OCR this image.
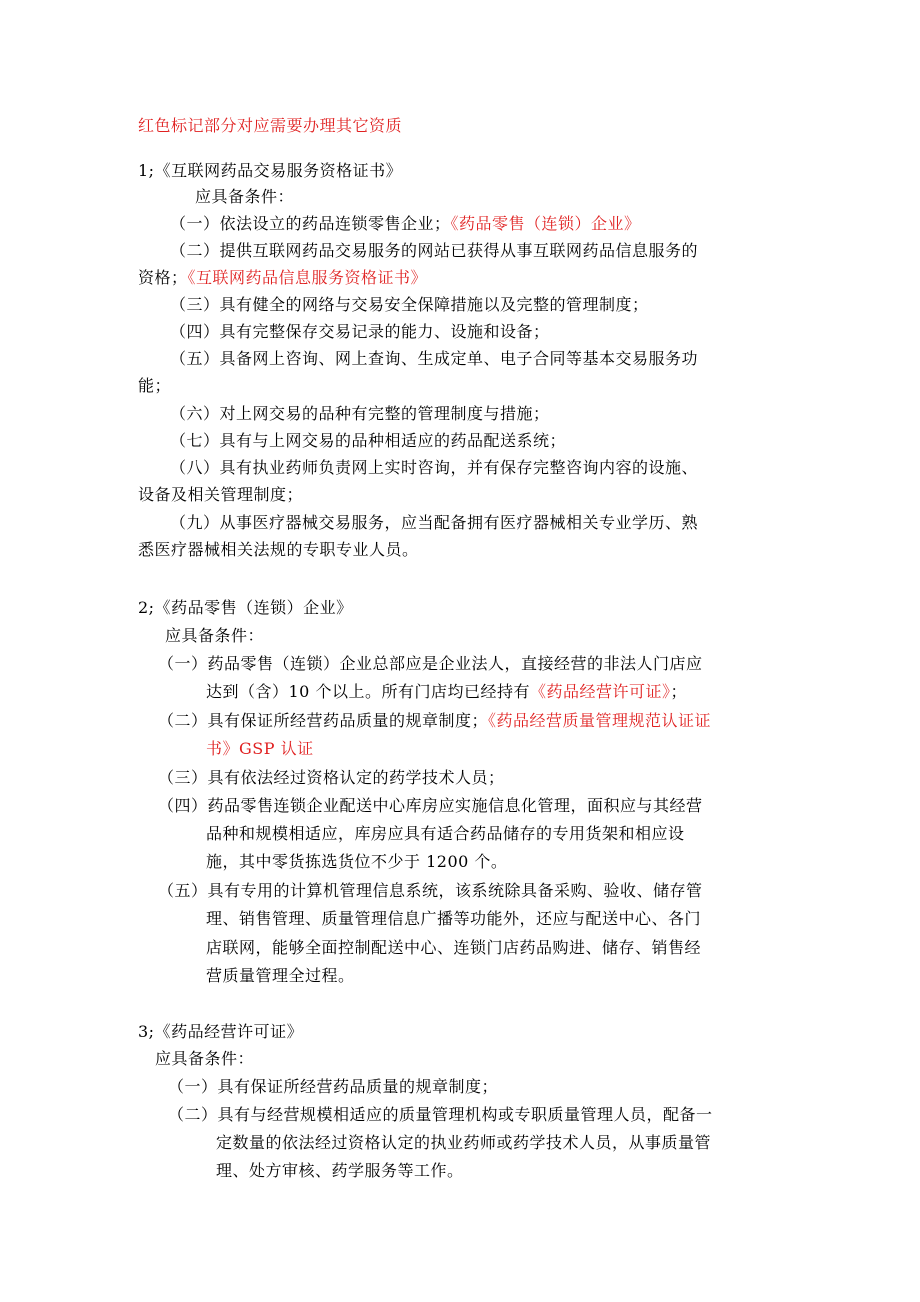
红色标记部分对应需要办理其它资质
1;《互联网药品交易服务资格证书》
应具备条件：
（一）依法设立的药品连锁零售企业；《药品零售（连锁）企业》
（二）提供互联网药品交易服务的网站已获得从事互联网药品信息服务的
资格；《互联网药品信息服务资格证书》
（三）具有健全的网络与交易安全保障措施以及完整的管理制度；
（四）具有完整保存交易记录的能力、设施和设备；
（五）具备网上咨询、网上查询、生成定单、电子合同等基本交易服务功
能；
（六）对上网交易的品种有完整的管理制度与措施；
（七）具有与上网交易的品种相适应的药品配送系统；
（八）具有执业药师负责网上实时咨询，并有保存完整咨询内容的设施、
设备及相关管理制度；
（九）从事医疗器械交易服务，应当配备拥有医疗器械相关专业学历、熟
悉医疗器械相关法规的专职专业人员。
2;《药品零售（连锁）企业》
应具备条件：
（一）药品零售（连锁）企业总部应是企业法人，直接经营的非法人门店应
达到（含）10 个以上。所有门店均已经持有《药品经营许可证》；
（二）具有保证所经营药品质量的规章制度；《药品经营质量管理规范认证证
书》GSP 认证
（三）具有依法经过资格认定的药学技术人员；
（四）药品零售连锁企业配送中心库房应实施信息化管理，面积应与其经营
品种和规模相适应，库房应具有适合药品储存的专用货架和相应设
施，其中零货拣选货位不少于 1200 个。
（五）具有专用的计算机管理信息系统，该系统除具备采购、验收、储存管
理、销售管理、质量管理信息广播等功能外，还应与配送中心、各门
店联网，能够全面控制配送中心、连锁门店药品购进、储存、销售经
营质量管理全过程。
3;《药品经营许可证》
应具备条件：
（一）具有保证所经营药品质量的规章制度；
（二）具有与经营规模相适应的质量管理机构或专职质量管理人员，配备一
定数量的依法经过资格认定的执业药师或药学技术人员，从事质量管
理、处方审核、药学服务等工作。
